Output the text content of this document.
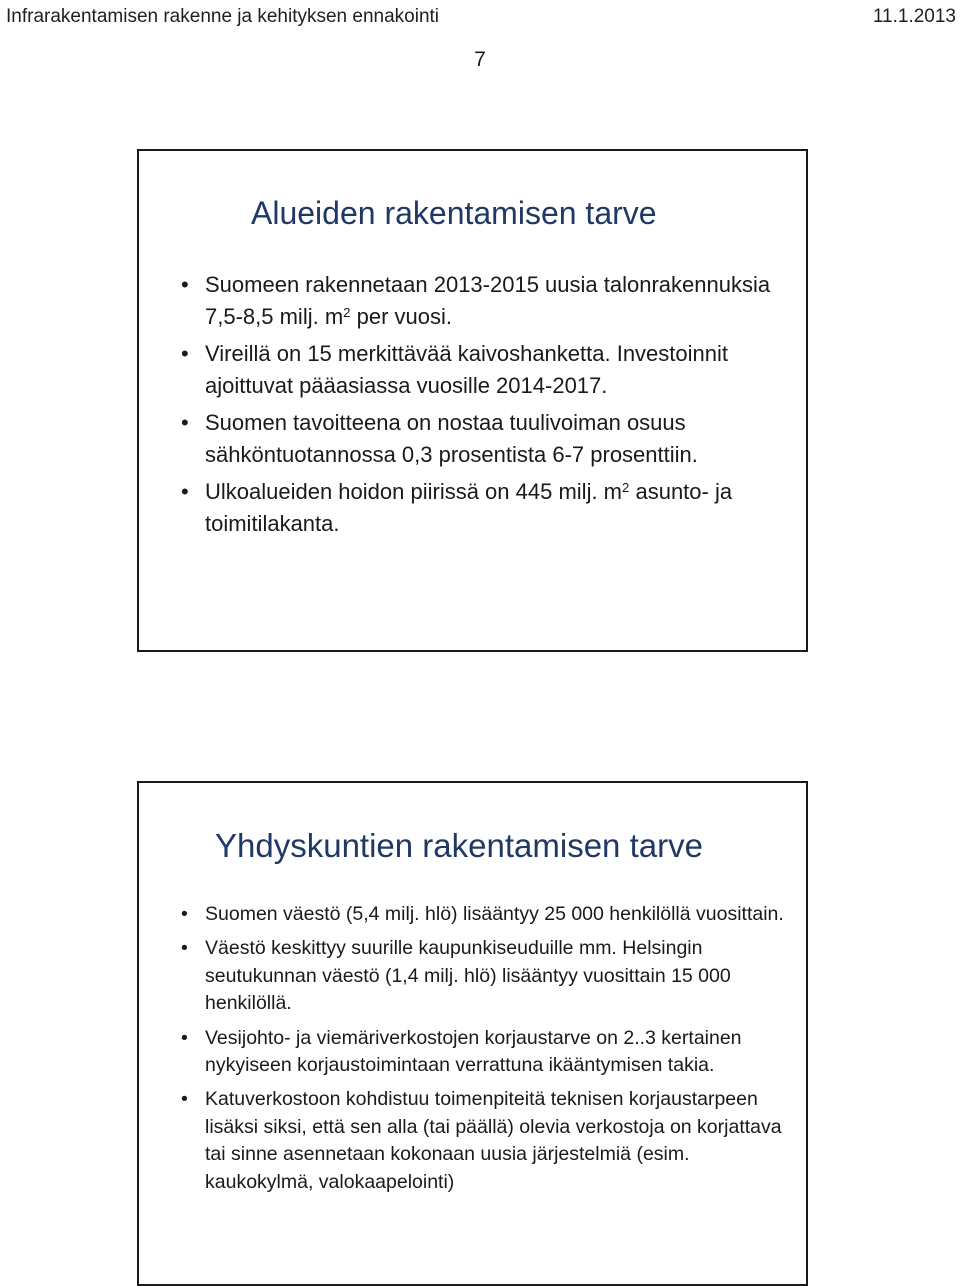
Infrarakentamisen rakenne ja kehityksen ennakointi	11.1.2013
7
Alueiden rakentamisen tarve
• Suomeen rakennetaan 2013-2015 uusia talonrakennuksia 7,5-8,5 milj. $m^2$ per vuosi.
• Vireillä on 15 merkittävää kaivoshanketta. Investoinnit ajoittuvat pääasiassa vuosille 2014-2017.
• Suomen tavoitteena on nostaa tuulivoiman osuus sähköntuotannossa 0,3 prosentista 6-7 prosenttiin.
• Ulkoalueiden hoidon piirissä on 445 milj. $m^2$ asunto- ja toimitilakanta.
Yhdyskuntien rakentamisen tarve
• Suomen väestö (5,4 milj. hlö) lisääntyy 25 000 henkilöllä vuosittain.
• Väestö keskittyy suurille kaupunkiseuduille mm. Helsingin seutukunnan väestö (1,4 milj. hlö) lisääntyy vuosittain 15 000 henkilöllä.
• Vesijohto- ja viemäriverkostojen korjaustarve on 2..3 kertainen nykyiseen korjaustoimintaan verrattuna ikääntymisen takia.
• Katuverkostoon kohdistuu toimenpiteitä teknisen korjaustarpeen lisäksi siksi, että sen alla (tai päällä) olevia verkostoja on korjattava tai sinne asennetaan kokonaan uusia järjestelmiä (esim. kaukokylmä, valokaapelointi)
